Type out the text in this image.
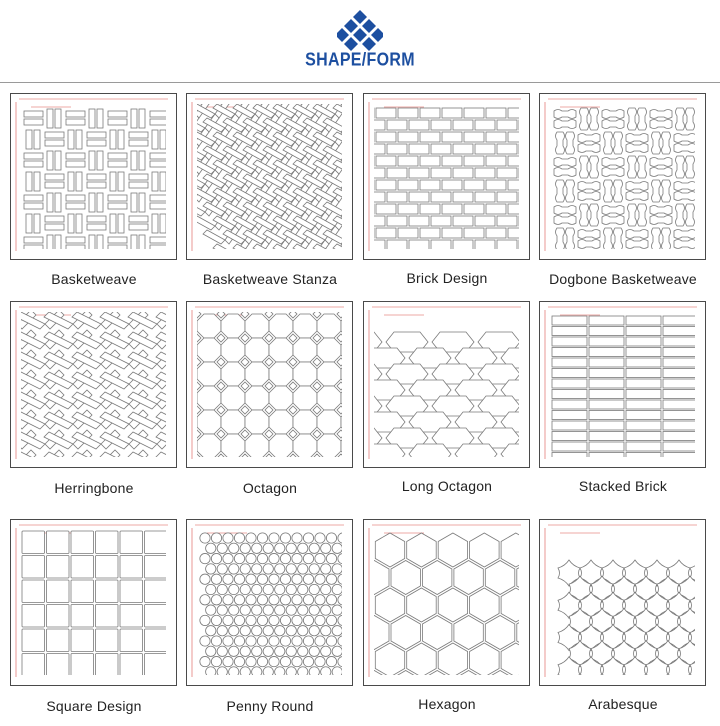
SHAPE/FORM
Basketweave	Basketweave Stanza	Brick Design	Dogbone Basketweave
Herringbone	Octagon	Long Octagon	Stacked Brick
Square Design	Penny Round	Hexagon	Arabesque
